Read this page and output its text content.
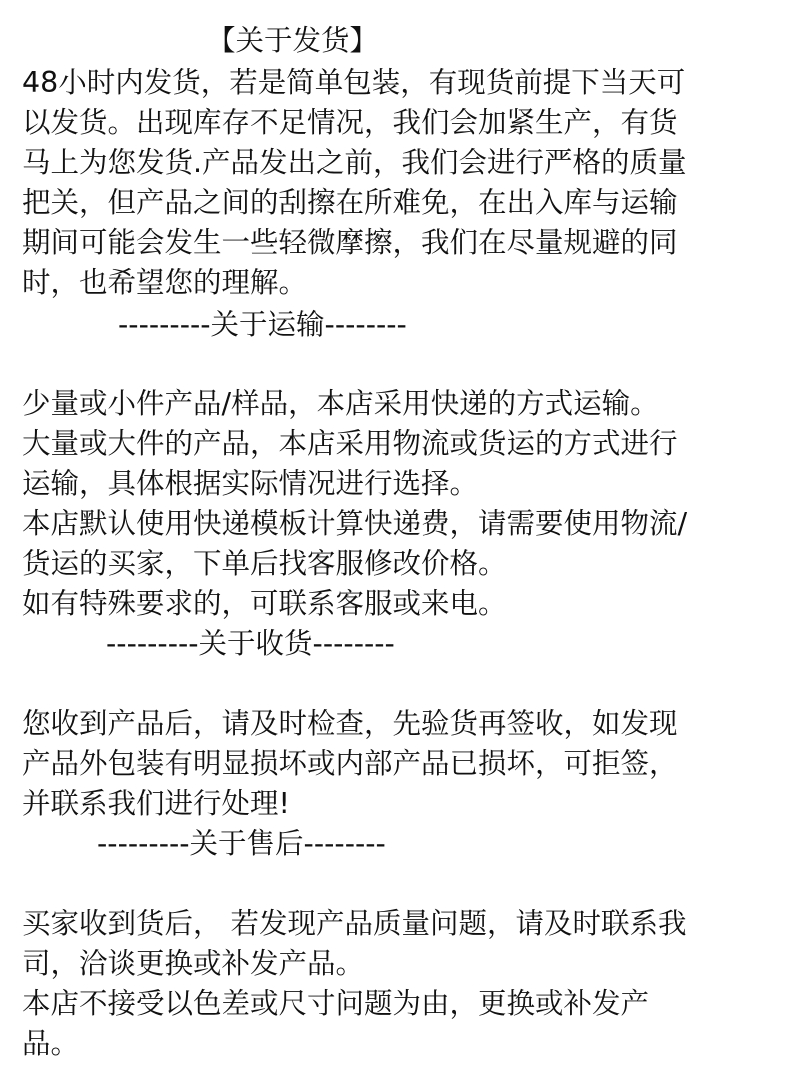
【关于发货】
48小时内发货，若是简单包装，有现货前提下当天可
以发货。出现库存不足情况，我们会加紧生产，有货
马上为您发货.产品发出之前，我们会进行严格的质量
把关，但产品之间的刮擦在所难免，在出入库与运输
期间可能会发生一些轻微摩擦，我们在尽量规避的同
时，也希望您的理解。
---------关于运输--------
少量或小件产品/样品，本店采用快递的方式运输。
大量或大件的产品，本店采用物流或货运的方式进行
运输，具体根据实际情况进行选择。
本店默认使用快递模板计算快递费，请需要使用物流/
货运的买家，下单后找客服修改价格。
如有特殊要求的，可联系客服或来电。
---------关于收货--------
您收到产品后，请及时检查，先验货再签收，如发现
产品外包装有明显损坏或内部产品已损坏，可拒签，
并联系我们进行处理!
---------关于售后--------
买家收到货后， 若发现产品质量问题，请及时联系我
司，洽谈更换或补发产品。
本店不接受以色差或尺寸问题为由，更换或补发产
品。
